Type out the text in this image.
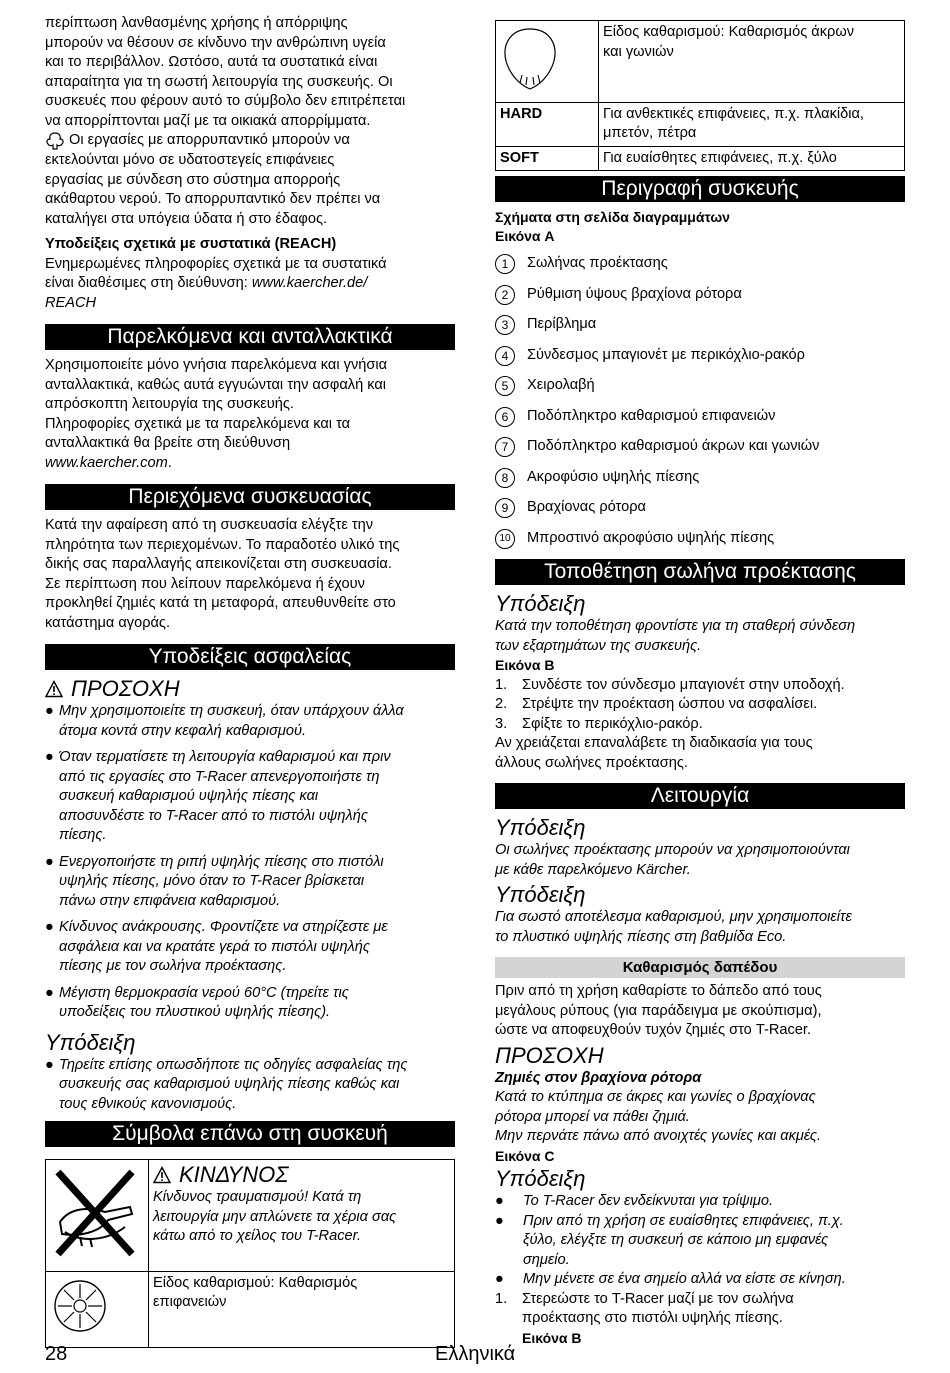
περίπτωση λανθασμένης χρήσης ή απόρριψης

μπορούν να θέσουν σε κίνδυνο την ανθρώπινη υγεία

και το περιβάλλον. Ωστόσο, αυτά τα συστατικά είναι

απαραίτητα για τη σωστή λειτουργία της συσκευής. Οι

συσκευές που φέρουν αυτό το σύμβολο δεν επιτρέπεται

να απορρίπτονται μαζί με τα οικιακά απορρίμματα.

Οι εργασίες με απορρυπαντικό μπορούν να

εκτελούνται μόνο σε υδατοστεγείς επιφάνειες

εργασίας με σύνδεση στο σύστημα απορροής

ακάθαρτου νερού. Το απορρυπαντικό δεν πρέπει να

καταλήγει στα υπόγεια ύδατα ή στο έδαφος.

Υποδείξεις σχετικά με συστατικά (REACH)

Ενημερωμένες πληροφορίες σχετικά με τα συστατικά

είναι διαθέσιμες στη διεύθυνση: www.kaercher.de/

REACH

Παρελκόμενα και ανταλλακτικά

Χρησιμοποιείτε μόνο γνήσια παρελκόμενα και γνήσια

ανταλλακτικά, καθώς αυτά εγγυώνται την ασφαλή και

απρόσκοπτη λειτουργία της συσκευής.

Πληροφορίες σχετικά με τα παρελκόμενα και τα

ανταλλακτικά θα βρείτε στη διεύθυνση

www.kaercher.com.

Περιεχόμενα συσκευασίας

Κατά την αφαίρεση από τη συσκευασία ελέγξτε την

πληρότητα των περιεχομένων. Το παραδοτέο υλικό της

δικής σας παραλλαγής απεικονίζεται στη συσκευασία.

Σε περίπτωση που λείπουν παρελκόμενα ή έχουν

προκληθεί ζημιές κατά τη μεταφορά, απευθυνθείτε στο

κατάστημα αγοράς.

Υποδείξεις ασφαλείας
ΠΡΟΣΟΧΗ
● Μην χρησιμοποιείτε τη συσκευή, όταν υπάρχουν άλλα
άτομα κοντά στην κεφαλή καθαρισμού.
● Όταν τερματίσετε τη λειτουργία καθαρισμού και πριν
από τις εργασίες στο T-Racer απενεργοποιήστε τη
συσκευή καθαρισμού υψηλής πίεσης και
αποσυνδέστε το T-Racer από το πιστόλι υψηλής
πίεσης.
● Ενεργοποιήστε τη ριπή υψηλής πίεσης στο πιστόλι
υψηλής πίεσης, μόνο όταν το T-Racer βρίσκεται
πάνω στην επιφάνεια καθαρισμού.
● Κίνδυνος ανάκρουσης. Φροντίζετε να στηρίζεστε με
ασφάλεια και να κρατάτε γερά το πιστόλι υψηλής
πίεσης με τον σωλήνα προέκτασης.
● Μέγιστη θερμοκρασία νερού 60°C (τηρείτε τις
υποδείξεις του πλυστικού υψηλής πίεσης).
Υπόδειξη
● Τηρείτε επίσης οπωσδήποτε τις οδηγίες ασφαλείας της
συσκευής σας καθαρισμού υψηλής πίεσης καθώς και
τους εθνικούς κανονισμούς.
Σύμβολα επάνω στη συσκευή

ΚΙΝΔΥΝΟΣ
Κίνδυνος τραυματισμού! Κατά τη
λειτουργία μην απλώνετε τα χέρια σας
κάτω από το χείλος του T-Racer.

Είδος καθαρισμού: Καθαρισμός
επιφανειών

Είδος καθαρισμού: Καθαρισμός άκρων
και γωνιών

HARD	Για ανθεκτικές επιφάνειες, π.χ. πλακίδια,
μπετόν, πέτρα

SOFT	Για ευαίσθητες επιφάνειες, π.χ. ξύλο
Περιγραφή συσκευής

Σχήματα στη σελίδα διαγραμμάτων

Εικόνα A

1	Σωλήνας προέκτασης
2	Ρύθμιση ύψους βραχίονα ρότορα
3	Περίβλημα
4	Σύνδεσμος μπαγιονέτ με περικόχλιο-ρακόρ
5	Χειρολαβή
6	Ποδόπληκτρο καθαρισμού επιφανειών
7	Ποδόπληκτρο καθαρισμού άκρων και γωνιών
8	Ακροφύσιο υψηλής πίεσης
9	Βραχίονας ρότορα
10	Μπροστινό ακροφύσιο υψηλής πίεσης
Τοποθέτηση σωλήνα προέκτασης
Υπόδειξη

Κατά την τοποθέτηση φροντίστε για τη σταθερή σύνδεση

των εξαρτημάτων της συσκευής.

Εικόνα B

1. Συνδέστε τον σύνδεσμο μπαγιονέτ στην υποδοχή.
2. Στρέψτε την προέκταση ώσπου να ασφαλίσει.
3. Σφίξτε το περικόχλιο-ρακόρ.

Αν χρειάζεται επαναλάβετε τη διαδικασία για τους

άλλους σωλήνες προέκτασης.

Λειτουργία
Υπόδειξη

Οι σωλήνες προέκτασης μπορούν να χρησιμοποιούνται

με κάθε παρελκόμενο Kärcher.

Υπόδειξη

Για σωστό αποτέλεσμα καθαρισμού, μην χρησιμοποιείτε

το πλυστικό υψηλής πίεσης στη βαθμίδα Eco.

Καθαρισμός δαπέδου

Πριν από τη χρήση καθαρίστε το δάπεδο από τους

μεγάλους ρύπους (για παράδειγμα με σκούπισμα),

ώστε να αποφευχθούν τυχόν ζημιές στο T-Racer.

ΠΡΟΣΟΧΗ

Ζημιές στον βραχίονα ρότορα

Κατά το κτύπημα σε άκρες και γωνίες ο βραχίονας

ρότορα μπορεί να πάθει ζημιά.

Μην περνάτε πάνω από ανοιχτές γωνίες και ακμές.

Εικόνα C

Υπόδειξη
● Το T-Racer δεν ενδείκνυται για τρίψιμο.
● Πριν από τη χρήση σε ευαίσθητες επιφάνειες, π.χ.
ξύλο, ελέγξτε τη συσκευή σε κάποιο μη εμφανές
σημείο.
● Μην μένετε σε ένα σημείο αλλά να είστε σε κίνηση.
1. Στερεώστε το T-Racer μαζί με τον σωλήνα
προέκτασης στο πιστόλι υψηλής πίεσης.
Εικόνα B
28	Ελληνικά
